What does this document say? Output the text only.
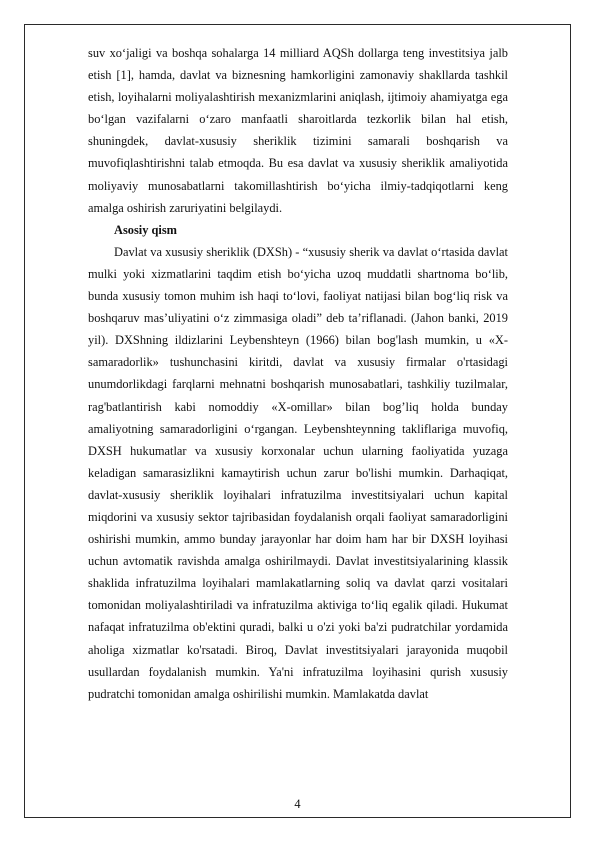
suv xo‘jaligi va boshqa sohalarga 14 milliard AQSh dollarga teng investitsiya jalb etish [1], hamda, davlat va biznesning hamkorligini zamonaviy shakllarda tashkil etish, loyihalarni moliyalashtirish mexanizmlarini aniqlash, ijtimoiy ahamiyatga ega bo‘lgan vazifalarni o‘zaro manfaatli sharoitlarda tezkorlik bilan hal etish, shuningdek, davlat-xususiy sheriklik tizimini samarali boshqarish va muvofiqlashtirishni talab etmoqda. Bu esa davlat va xususiy sheriklik amaliyotida moliyaviy munosabatlarni takomillashtirish bo‘yicha ilmiy-tadqiqotlarni keng amalga oshirish zaruriyatini belgilaydi.

Asosiy qism

Davlat va xususiy sheriklik (DXSh) - “xususiy sherik va davlat o‘rtasida davlat mulki yoki xizmatlarini taqdim etish bo‘yicha uzoq muddatli shartnoma bo‘lib, bunda xususiy tomon muhim ish haqi to‘lovi, faoliyat natijasi bilan bog‘liq risk va boshqaruv mas’uliyatini o‘z zimmasiga oladi” deb ta’riflanadi. (Jahon banki, 2019 yil). DXShning ildizlarini Leybenshteyn (1966) bilan bog'lash mumkin, u «X-samaradorlik» tushunchasini kiritdi, davlat va xususiy firmalar o'rtasidagi unumdorlikdagi farqlarni mehnatni boshqarish munosabatlari, tashkiliy tuzilmalar, rag'batlantirish kabi nomoddiy «X-omillar» bilan bog’liq holda bunday amaliyotning samaradorligini o‘rgangan. Leybenshteynning takliflariga muvofiq, DXSH hukumatlar va xususiy korxonalar uchun ularning faoliyatida yuzaga keladigan samarasizlikni kamaytirish uchun zarur bo'lishi mumkin. Darhaqiqat, davlat-xususiy sheriklik loyihalari infratuzilma investitsiyalari uchun kapital miqdorini va xususiy sektor tajribasidan foydalanish orqali faoliyat samaradorligini oshirishi mumkin, ammo bunday jarayonlar har doim ham har bir DXSH loyihasi uchun avtomatik ravishda amalga oshirilmaydi. Davlat investitsiyalarining klassik shaklida infratuzilma loyihalari mamlakatlarning soliq va davlat qarzi vositalari tomonidan moliyalashtiriladi va infratuzilma aktiviga to‘liq egalik qiladi. Hukumat nafaqat infratuzilma ob'ektini quradi, balki u o'zi yoki ba'zi pudratchilar yordamida aholiga xizmatlar ko'rsatadi. Biroq, Davlat investitsiyalari jarayonida muqobil usullardan foydalanish mumkin. Ya'ni infratuzilma loyihasini qurish xususiy pudratchi tomonidan amalga oshirilishi mumkin. Mamlakatda davlat

4
